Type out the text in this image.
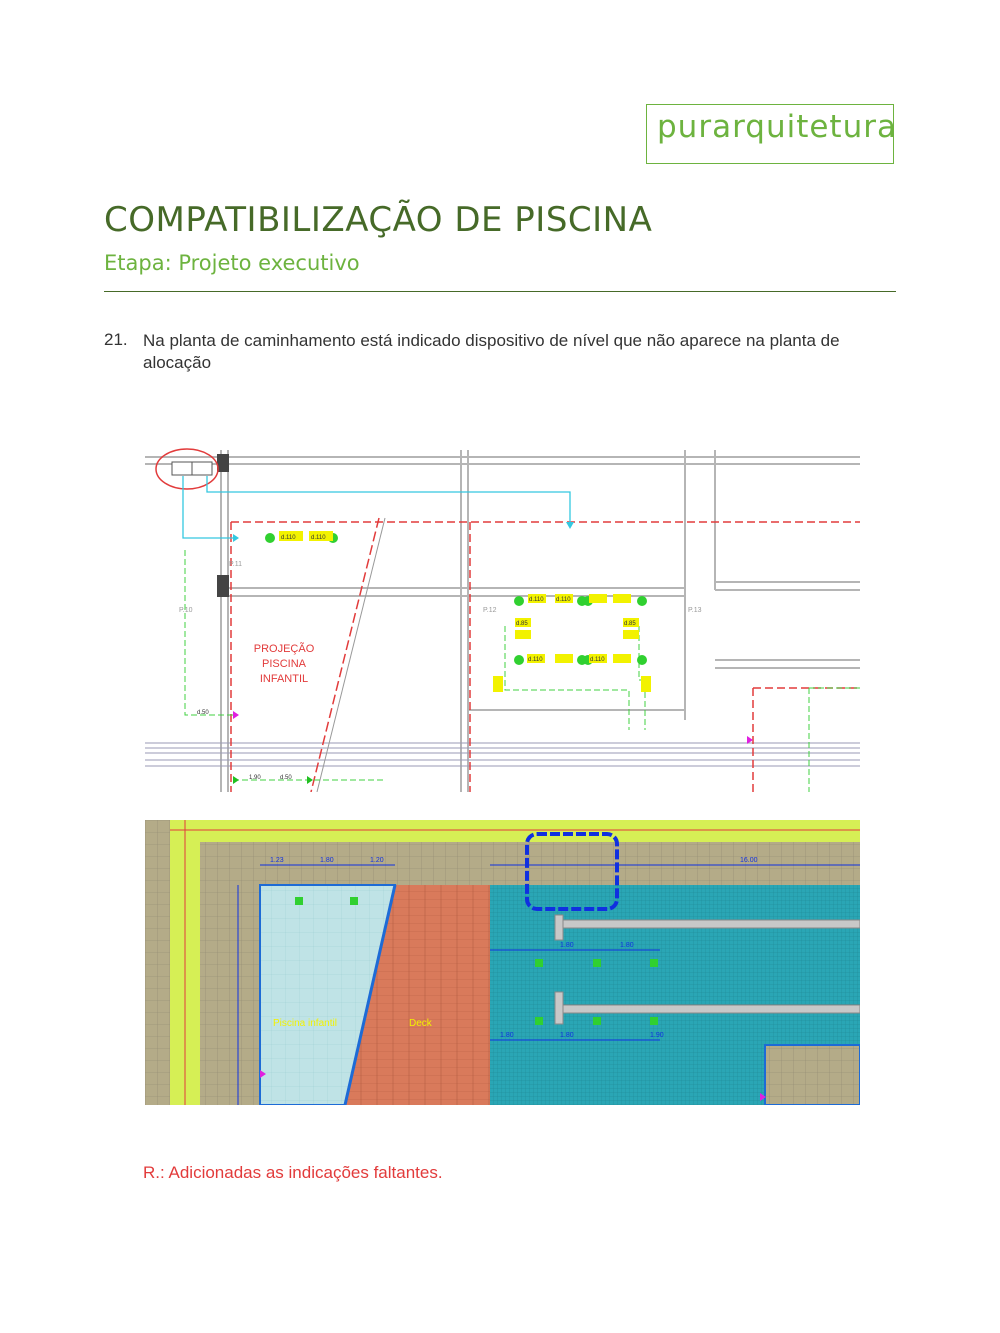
purarquitetura
COMPATIBILIZAÇÃO DE PISCINA
Etapa: Projeto executivo
21. Na planta de caminhamento está indicado dispositivo de nível que não aparece na planta de alocação
d.110	d.110
d.110 d.110
d.85	d.85
d.110	d.110
d.50
1.90	d.50
P.11
P.12	P.13
P.10
PROJEÇÃO
PISCINA
INFANTIL
1.23	1.80	1.20	16.00
1.80	1.80
1.80	1.90
1.80
Piscina infantil	Deck
R.: Adicionadas as indicações faltantes.
